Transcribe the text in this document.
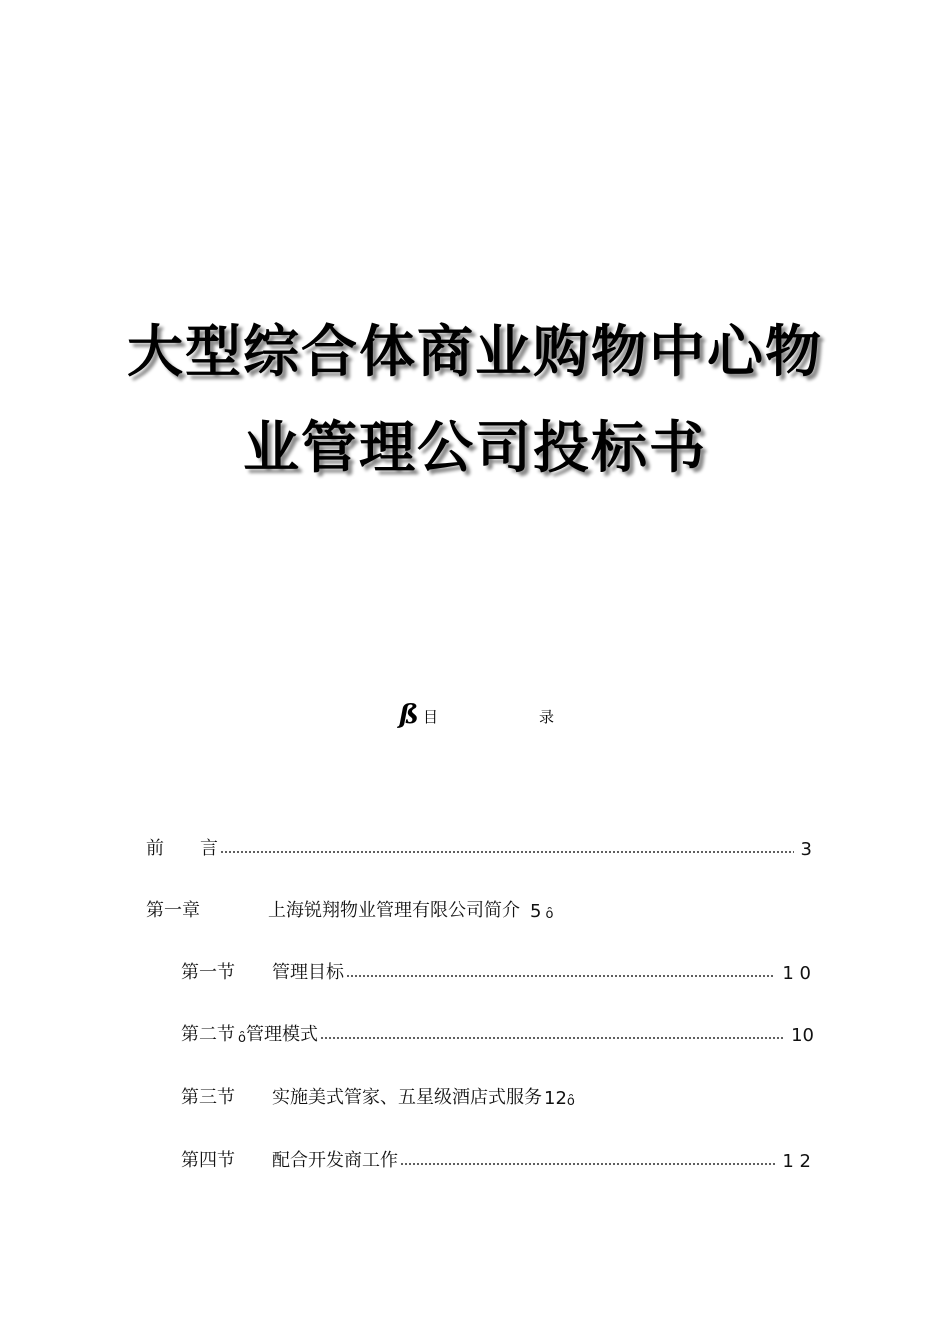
大型综合体商业购物中心物
业管理公司投标书
ß 目	录
前 言	3
第一章	上海锐翔物业管理有限公司简介 5 ȏ
第一节 管理目标	1 0
第二节 ȏ 管理模式	10
第三节 实施美式管家、五星级酒店式服务 12 ȏ
第四节 配合开发商工作	1 2
